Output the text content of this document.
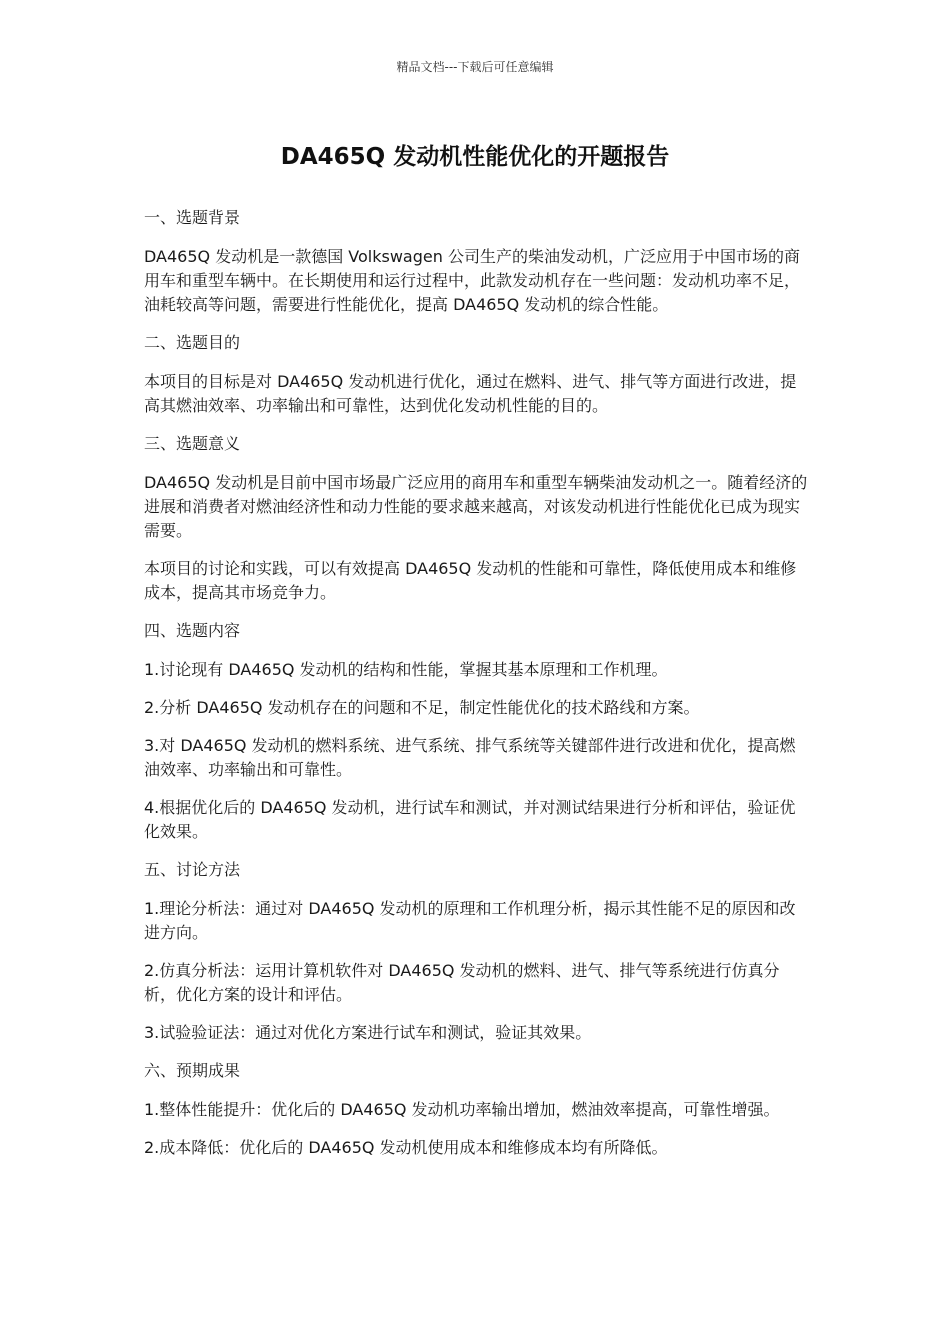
精品文档---下载后可任意编辑
DA465Q 发动机性能优化的开题报告

一、选题背景

DA465Q 发动机是一款德国 Volkswagen 公司生产的柴油发动机，广泛应用于中国市场的商用车和重型车辆中。在长期使用和运行过程中，此款发动机存在一些问题：发动机功率不足，油耗较高等问题，需要进行性能优化，提高 DA465Q 发动机的综合性能。

二、选题目的

本项目的目标是对 DA465Q 发动机进行优化，通过在燃料、进气、排气等方面进行改进，提高其燃油效率、功率输出和可靠性，达到优化发动机性能的目的。

三、选题意义

DA465Q 发动机是目前中国市场最广泛应用的商用车和重型车辆柴油发动机之一。随着经济的进展和消费者对燃油经济性和动力性能的要求越来越高，对该发动机进行性能优化已成为现实需要。

本项目的讨论和实践，可以有效提高 DA465Q 发动机的性能和可靠性，降低使用成本和维修成本，提高其市场竞争力。

四、选题内容

1.讨论现有 DA465Q 发动机的结构和性能，掌握其基本原理和工作机理。

2.分析 DA465Q 发动机存在的问题和不足，制定性能优化的技术路线和方案。

3.对 DA465Q 发动机的燃料系统、进气系统、排气系统等关键部件进行改进和优化，提高燃油效率、功率输出和可靠性。

4.根据优化后的 DA465Q 发动机，进行试车和测试，并对测试结果进行分析和评估，验证优化效果。

五、讨论方法

1.理论分析法：通过对 DA465Q 发动机的原理和工作机理分析，揭示其性能不足的原因和改进方向。

2.仿真分析法：运用计算机软件对 DA465Q 发动机的燃料、进气、排气等系统进行仿真分析，优化方案的设计和评估。

3.试验验证法：通过对优化方案进行试车和测试，验证其效果。

六、预期成果

1.整体性能提升：优化后的 DA465Q 发动机功率输出增加，燃油效率提高，可靠性增强。

2.成本降低：优化后的 DA465Q 发动机使用成本和维修成本均有所降低。
